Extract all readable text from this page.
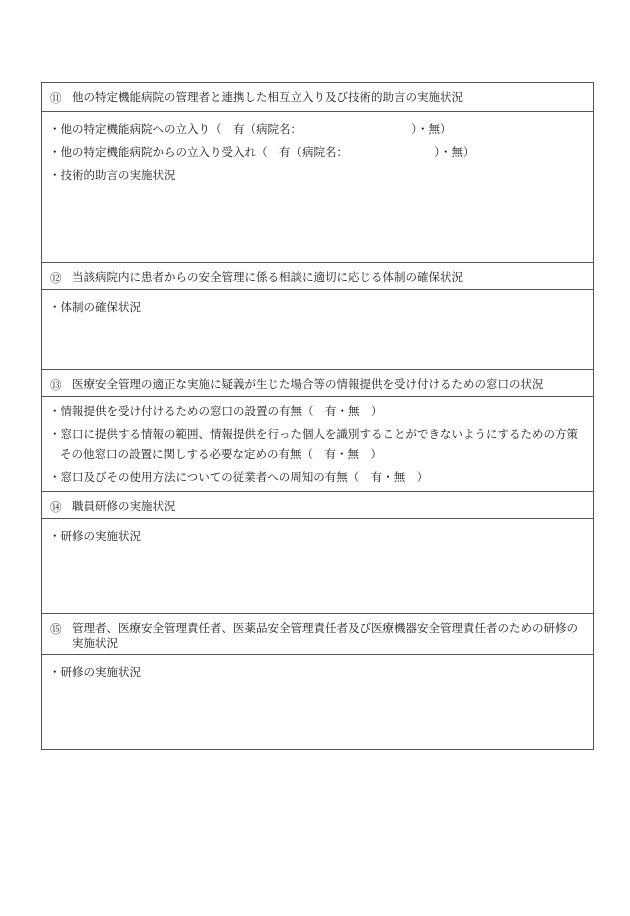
⑪ 他の特定機能病院の管理者と連携した相互立入り及び技術的助言の実施状況
・他の特定機能病院への立入り（　有（病院名：　　　　　　　　　　）・無）
・他の特定機能病院からの立入り受入れ（　有（病院名：　　　　　　　　）・無）
・技術的助言の実施状況
⑫ 当該病院内に患者からの安全管理に係る相談に適切に応じる体制の確保状況
・体制の確保状況
⑬ 医療安全管理の適正な実施に疑義が生じた場合等の情報提供を受け付けるための窓口の状況
・情報提供を受け付けるための窓口の設置の有無（　有・無　）
・窓口に提供する情報の範囲、情報提供を行った個人を識別することができないようにするための方策
その他窓口の設置に関しする必要な定めの有無（　有・無　）
・窓口及びその使用方法についての従業者への周知の有無（　有・無　）
⑭ 職員研修の実施状況
・研修の実施状況
⑮ 管理者、医療安全管理責任者、医薬品安全管理責任者及び医療機器安全管理責任者のための研修の実施状況
・研修の実施状況
